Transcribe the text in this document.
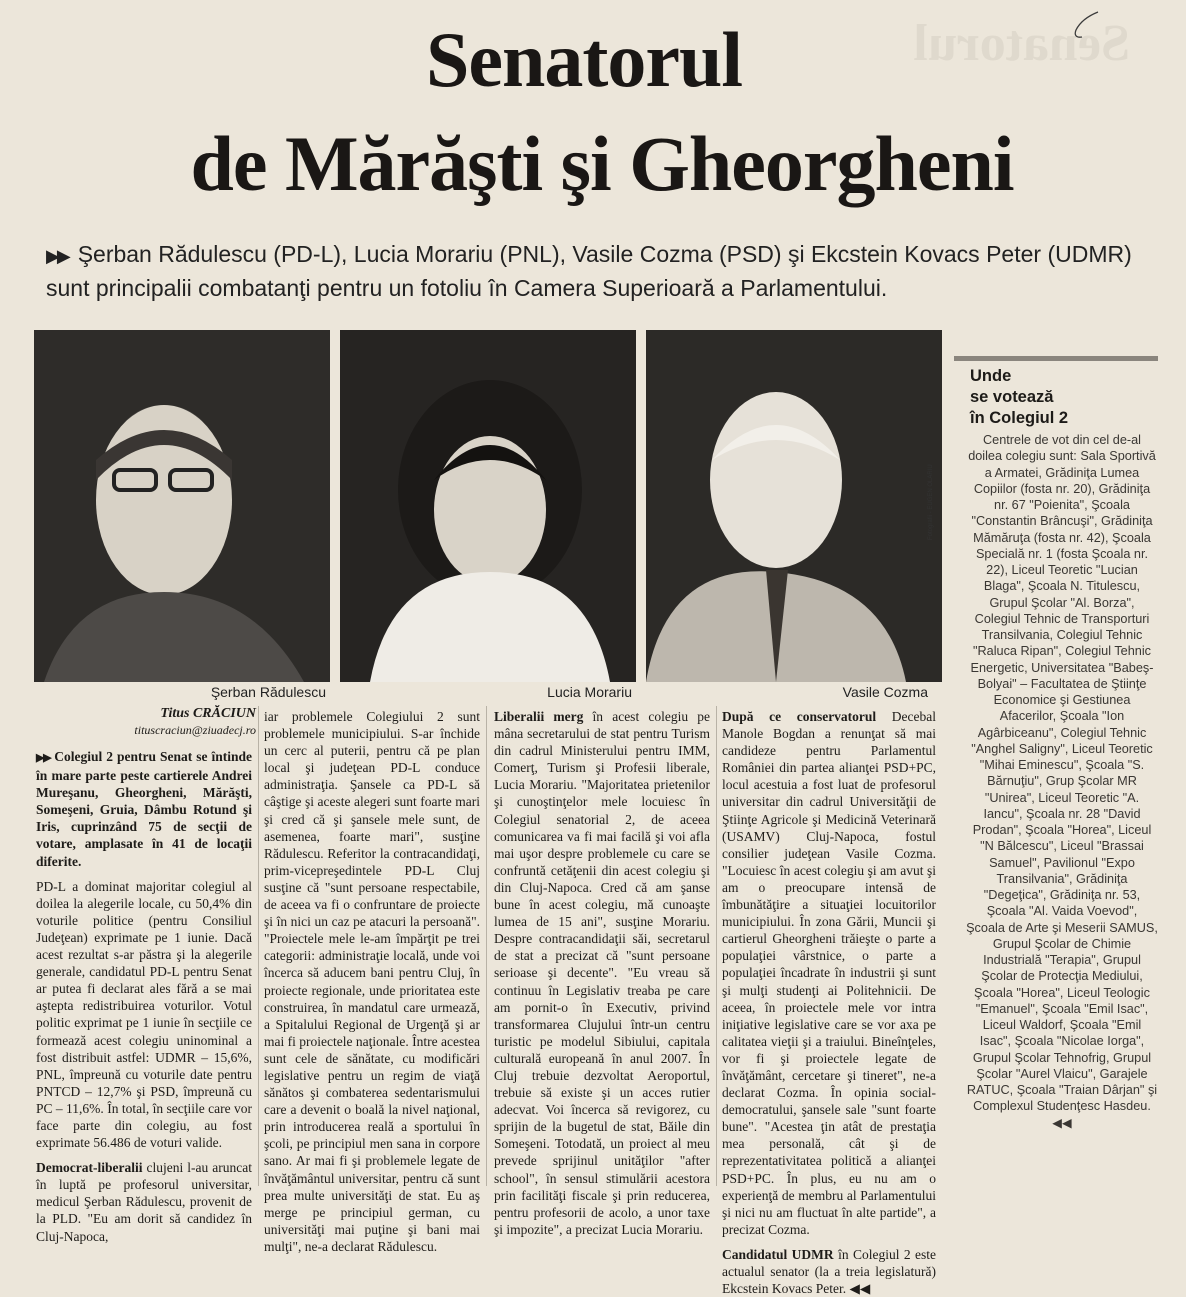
Senatorul
Senatorul
de Mărăşti şi Gheorgheni
▶▶ Şerban Rădulescu (PD-L), Lucia Morariu (PNL), Vasile Cozma (PSD) şi Ekcstein Kovacs Peter (UDMR) sunt principalii combatanţi pentru un fotoliu în Camera Superioară a Parlamentului.
Fotografii - EUGEN OLARIU
Şerban Rădulescu	Lucia Morariu	Vasile Cozma
Titus CRĂCIUN
tituscraciun@ziuadecj.ro

▶▶ Colegiul 2 pentru Senat se întinde în mare parte peste cartierele Andrei Mureşanu, Gheorgheni, Mărăşti, Someşeni, Gruia, Dâmbu Rotund şi Iris, cuprinzând 75 de secţii de votare, amplasate în 41 de locaţii diferite.

PD-L a dominat majoritar colegiul al doilea la alegerile locale, cu 50,4% din voturile politice (pentru Consiliul Judeţean) exprimate pe 1 iunie. Dacă acest rezultat s-ar păstra şi la alegerile generale, candidatul PD-L pentru Senat ar putea fi declarat ales fără a se mai aştepta redistribuirea voturilor. Votul politic exprimat pe 1 iunie în secţiile ce formează acest colegiu uninominal a fost distribuit astfel: UDMR – 15,6%, PNL, împreună cu voturile date pentru PNTCD – 12,7% şi PSD, împreună cu PC – 11,6%. În total, în secţiile care vor face parte din colegiu, au fost exprimate 56.486 de voturi valide.

Democrat-liberalii clujeni l-au aruncat în luptă pe profesorul universitar, medicul Şerban Rădulescu, provenit de la PLD. "Eu am dorit să candidez în Cluj-Napoca,

iar problemele Colegiului 2 sunt problemele municipiului. S-ar închide un cerc al puterii, pentru că pe plan local şi judeţean PD-L conduce administraţia. Şansele ca PD-L să câştige şi aceste alegeri sunt foarte mari şi cred că şi şansele mele sunt, de asemenea, foarte mari", susţine Rădulescu. Referitor la contracandidaţi, prim-vicepreşedintele PD-L Cluj susţine că "sunt persoane respectabile, de aceea va fi o confruntare de proiecte şi în nici un caz pe atacuri la persoană". "Proiectele mele le-am împărţit pe trei categorii: administraţie locală, unde voi încerca să aducem bani pentru Cluj, în proiecte regionale, unde prioritatea este construirea, în mandatul care urmează, a Spitalului Regional de Urgenţă şi ar mai fi proiectele naţionale. Între acestea sunt cele de sănătate, cu modificări legislative pentru un regim de viaţă sănătos şi combaterea sedentarismului care a devenit o boală la nivel naţional, prin introducerea reală a sportului în şcoli, pe principiul men sana in corpore sano. Ar mai fi şi problemele legate de învăţământul universitar, pentru că sunt prea multe universităţi de stat. Eu aş merge pe principiul german, cu universităţi mai puţine şi bani mai mulţi", ne-a declarat Rădulescu.

Liberalii merg în acest colegiu pe mâna secretarului de stat pentru Turism din cadrul Ministerului pentru IMM, Comerţ, Turism şi Profesii liberale, Lucia Morariu. "Majoritatea prietenilor şi cunoştinţelor mele locuiesc în Colegiul senatorial 2, de aceea comunicarea va fi mai facilă şi voi afla mai uşor despre problemele cu care se confruntă cetăţenii din acest colegiu şi din Cluj-Napoca. Cred că am şanse bune în acest colegiu, mă cunoaşte lumea de 15 ani", susţine Morariu. Despre contracandidaţii săi, secretarul de stat a precizat că "sunt persoane serioase şi decente". "Eu vreau să continuu în Legislativ treaba pe care am pornit-o în Executiv, privind transformarea Clujului într-un centru turistic pe modelul Sibiului, capitala culturală europeană în anul 2007. În Cluj trebuie dezvoltat Aeroportul, trebuie să existe şi un acces rutier adecvat. Voi încerca să revigorez, cu sprijin de la bugetul de stat, Băile din Someşeni. Totodată, un proiect al meu prevede sprijinul unităţilor "after school", în sensul stimulării acestora prin facilităţi fiscale şi prin reducerea, pentru profesorii de acolo, a unor taxe şi impozite", a precizat Lucia Morariu.

După ce conservatorul Decebal Manole Bogdan a renunţat să mai candideze pentru Parlamentul României din partea alianţei PSD+PC, locul acestuia a fost luat de profesorul universitar din cadrul Universităţii de Ştiinţe Agricole şi Medicină Veterinară (USAMV) Cluj-Napoca, fostul consilier judeţean Vasile Cozma. "Locuiesc în acest colegiu şi am avut şi am o preocupare intensă de îmbunătăţire a situaţiei locuitorilor municipiului. În zona Gării, Muncii şi cartierul Gheorgheni trăieşte o parte a populaţiei vârstnice, o parte a populaţiei încadrate în industrii şi sunt şi mulţi studenţi ai Politehnicii. De aceea, în proiectele mele vor intra iniţiative legislative care se vor axa pe calitatea vieţii şi a traiului. Bineînţeles, vor fi şi proiectele legate de învăţământ, cercetare şi tineret", ne-a declarat Cozma. În opinia social-democratului, şansele sale "sunt foarte bune". "Acestea ţin atât de prestaţia mea personală, cât şi de reprezentativitatea politică a alianţei PSD+PC. În plus, eu nu am o experienţă de membru al Parlamentului şi nici nu am fluctuat în alte partide", a precizat Cozma.

Candidatul UDMR în Colegiul 2 este actualul senator (la a treia legislatură) Ekcstein Kovacs Peter. ◀◀

Unde
se votează
în Colegiul 2
Centrele de vot din cel de-al doilea colegiu sunt: Sala Sportivă a Armatei, Grădiniţa Lumea Copiilor (fosta nr. 20), Grădiniţa nr. 67 "Poienita", Şcoala "Constantin Brâncuşi", Grădiniţa Mămăruţa (fosta nr. 42), Şcoala Specială nr. 1 (fosta Şcoala nr. 22), Liceul Teoretic "Lucian Blaga", Şcoala N. Titulescu, Grupul Şcolar "Al. Borza", Colegiul Tehnic de Transporturi Transilvania, Colegiul Tehnic "Raluca Ripan", Colegiul Tehnic Energetic, Universitatea "Babeş-Bolyai" – Facultatea de Ştiinţe Economice şi Gestiunea Afacerilor, Şcoala "Ion Agârbiceanu", Colegiul Tehnic "Anghel Saligny", Liceul Teoretic "Mihai Eminescu", Şcoala "S. Bărnuţiu", Grup Şcolar MR "Unirea", Liceul Teoretic "A. Iancu", Şcoala nr. 28 "David Prodan", Şcoala "Horea", Liceul "N Bălcescu", Liceul "Brassai Samuel", Pavilionul "Expo Transilvania", Grădiniţa "Degeţica", Grădiniţa nr. 53, Şcoala "Al. Vaida Voevod", Şcoala de Arte şi Meserii SAMUS, Grupul Şcolar de Chimie Industrială "Terapia", Grupul Şcolar de Protecţia Mediului, Şcoala "Horea", Liceul Teologic "Emanuel", Şcoala "Emil Isac", Liceul Waldorf, Şcoala "Emil Isac", Şcoala "Nicolae Iorga", Grupul Şcolar Tehnofrig, Grupul Şcolar "Aurel Vlaicu", Garajele RATUC, Şcoala "Traian Dârjan" şi Complexul Studenţesc Hasdeu. ◀◀
